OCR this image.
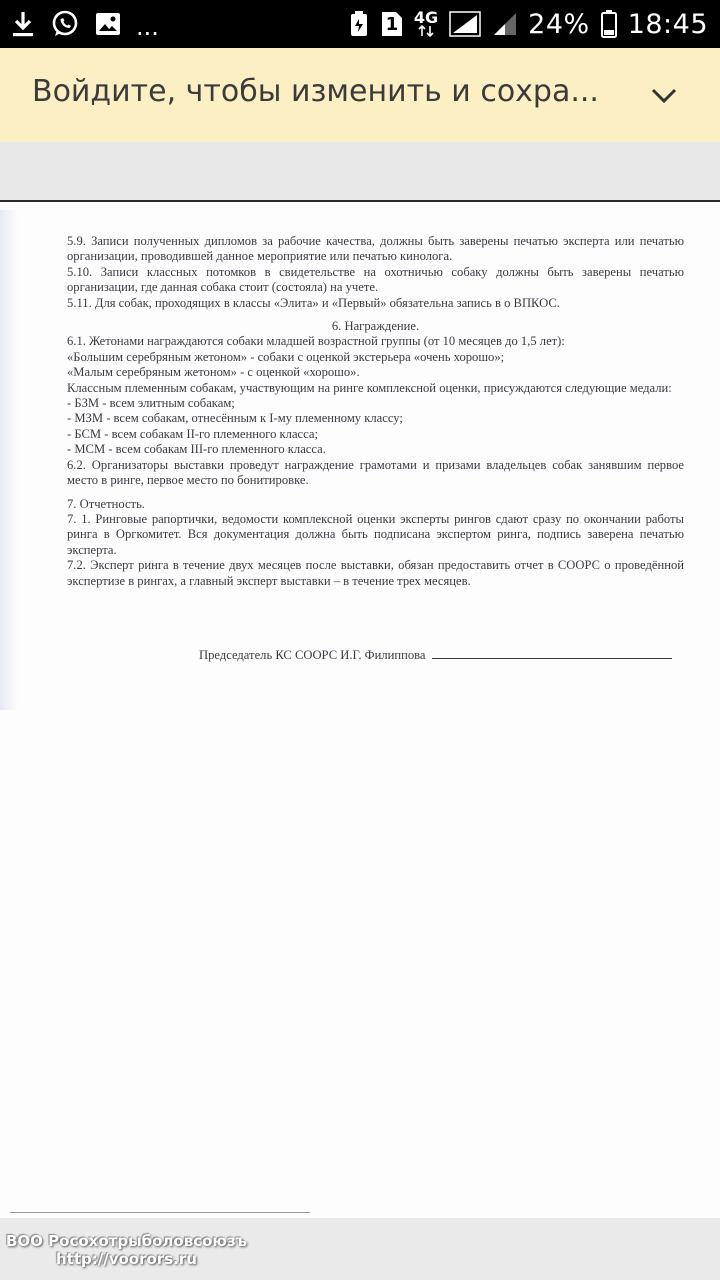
...	1 4G	24% 18:45
Войдите, чтобы изменить и сохра...

5.9. Записи полученных дипломов за рабочие качества, должны быть заверены печатью эксперта или печатью организации, проводившей данное мероприятие или печатью кинолога.

5.10. Записи классных потомков в свидетельстве на охотничью собаку должны быть заверены печатью организации, где данная собака стоит (состояла) на учете.

5.11. Для собак, проходящих в классы «Элита» и «Первый» обязательна запись в о ВПКОС.

6. Награждение.

6.1. Жетонами награждаются собаки младшей возрастной группы (от 10 месяцев до 1,5 лет):

«Большим серебряным жетоном» - собаки с оценкой экстерьера «очень хорошо»;

«Малым серебряным жетоном» - с оценкой «хорошо».

Классным племенным собакам, участвующим на ринге комплексной оценки, присуждаются следующие медали:

- БЗМ - всем элитным собакам;

- МЗМ - всем собакам, отнесённым к I-му племенному классу;

- БСМ - всем собакам II-го племенного класса;

- МСМ - всем собакам III-го племенного класса.

6.2. Организаторы выставки проведут награждение грамотами и призами владельцев собак занявшим первое место в ринге, первое место по бонитировке.

7. Отчетность.

7. 1. Ринговые рапортички, ведомости комплексной оценки эксперты рингов сдают сразу по окончании работы ринга в Оргкомитет. Вся документация должна быть подписана экспертом ринга, подпись заверена печатью эксперта.

7.2. Эксперт ринга в течение двух месяцев после выставки, обязан предоставить отчет в СООРС о проведённой экспертизе в рингах, а главный эксперт выставки – в течение трех месяцев.

Председатель КС СООРС И.Г. Филиппова
ВОО Росохотрыболовсоюзъ
http://voorors.ru
